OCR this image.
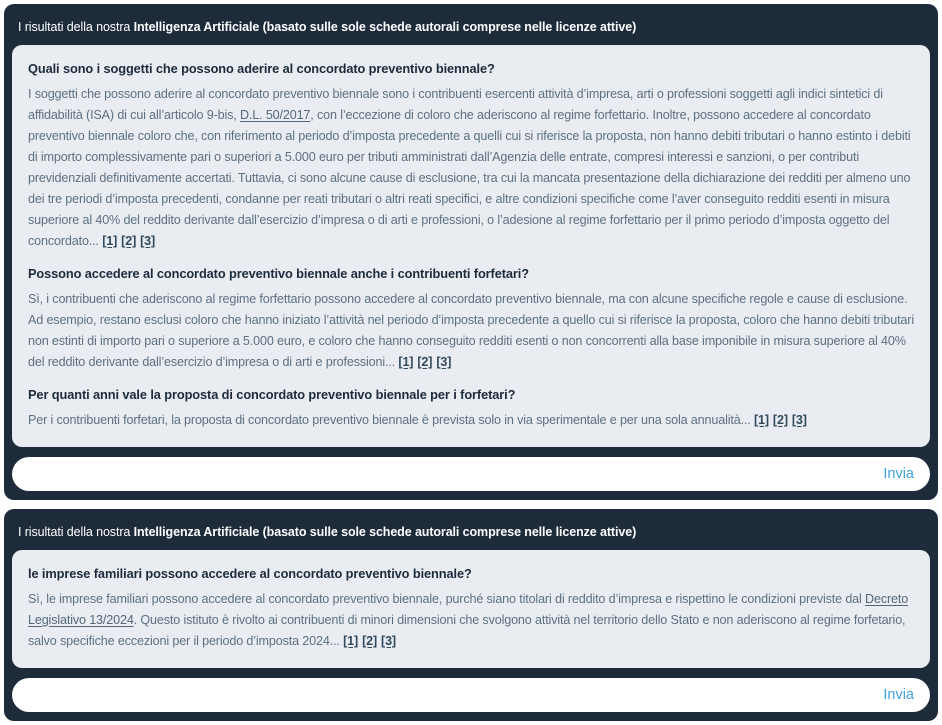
I risultati della nostra Intelligenza Artificiale (basato sulle sole schede autorali comprese nelle licenze attive)
Quali sono i soggetti che possono aderire al concordato preventivo biennale?

I soggetti che possono aderire al concordato preventivo biennale sono i contribuenti esercenti attività d’impresa, arti o professioni soggetti agli indici sintetici di affidabilità (ISA) di cui all’articolo 9-bis, D.L. 50/2017, con l’eccezione di coloro che aderiscono al regime forfettario. Inoltre, possono accedere al concordato preventivo biennale coloro che, con riferimento al periodo d’imposta precedente a quelli cui si riferisce la proposta, non hanno debiti tributari o hanno estinto i debiti di importo complessivamente pari o superiori a 5.000 euro per tributi amministrati dall’Agenzia delle entrate, compresi interessi e sanzioni, o per contributi previdenziali definitivamente accertati. Tuttavia, ci sono alcune cause di esclusione, tra cui la mancata presentazione della dichiarazione dei redditi per almeno uno dei tre periodi d’imposta precedenti, condanne per reati tributari o altri reati specifici, e altre condizioni specifiche come l’aver conseguito redditi esenti in misura superiore al 40% del reddito derivante dall’esercizio d’impresa o di arti e professioni, o l’adesione al regime forfettario per il primo periodo d’imposta oggetto del concordato... [1] [2] [3]

Possono accedere al concordato preventivo biennale anche i contribuenti forfetari?

Sì, i contribuenti che aderiscono al regime forfettario possono accedere al concordato preventivo biennale, ma con alcune specifiche regole e cause di esclusione. Ad esempio, restano esclusi coloro che hanno iniziato l’attività nel periodo d’imposta precedente a quello cui si riferisce la proposta, coloro che hanno debiti tributari non estinti di importo pari o superiore a 5.000 euro, e coloro che hanno conseguito redditi esenti o non concorrenti alla base imponibile in misura superiore al 40% del reddito derivante dall’esercizio d’impresa o di arti e professioni... [1] [2] [3]

Per quanti anni vale la proposta di concordato preventivo biennale per i forfetari?

Per i contribuenti forfetari, la proposta di concordato preventivo biennale è prevista solo in via sperimentale e per una sola annualità... [1] [2] [3]

Invia
I risultati della nostra Intelligenza Artificiale (basato sulle sole schede autorali comprese nelle licenze attive)
le imprese familiari possono accedere al concordato preventivo biennale?

Sì, le imprese familiari possono accedere al concordato preventivo biennale, purché siano titolari di reddito d’impresa e rispettino le condizioni previste dal Decreto Legislativo 13/2024. Questo istituto è rivolto ai contribuenti di minori dimensioni che svolgono attività nel territorio dello Stato e non aderiscono al regime forfetario, salvo specifiche eccezioni per il periodo d’imposta 2024... [1] [2] [3]

Invia
